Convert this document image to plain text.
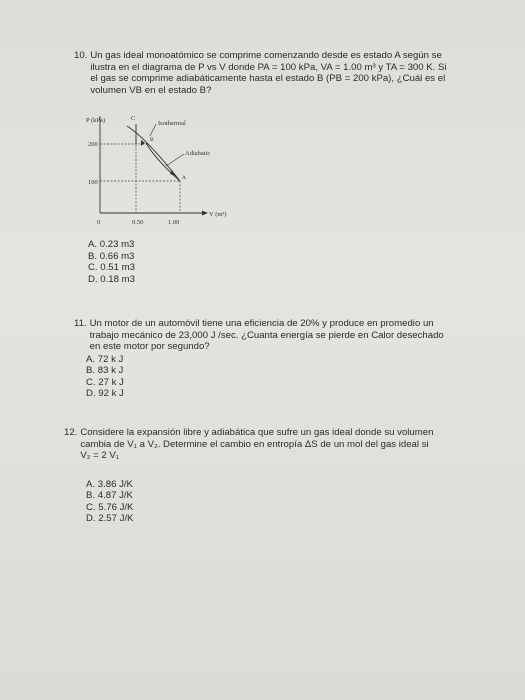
10. Un gas ideal monoatómico se comprime comenzando desde es estado A según se
ilustra en el diagrama de P vs V donde PA = 100 kPa, VA = 1.00 m³ y TA = 300 K. Si
el gas se comprime adiabáticamente hasta el estado B (PB = 200 kPa), ¿Cuál es el
volumen VB en el estado B?
A. 0.23 m3
B. 0.66 m3
C. 0.51 m3
D. 0.18 m3
P (kPa)
V (m³)
200
100
0	0.50	1.00
C
B
A
Isothermal
Adiabatic
11. Un motor de un automóvil tiene una eficiencia de 20% y produce en promedio un
trabajo mecánico de 23,000 J /sec. ¿Cuanta energía se pierde en Calor desechado
en este motor por segundo?
A. 72 k J
B. 83 k J
C. 27 k J
D. 92 k J
12. Considere la expansión libre y adiabática que sufre un gas ideal donde su volumen
cambia de V₁ a V₂. Determine el cambio en entropía ΔS de un mol del gas ideal si
V₂ = 2 V₁
A. 3.86 J/K
B. 4.87 J/K
C. 5.76 J/K
D. 2.57 J/K
